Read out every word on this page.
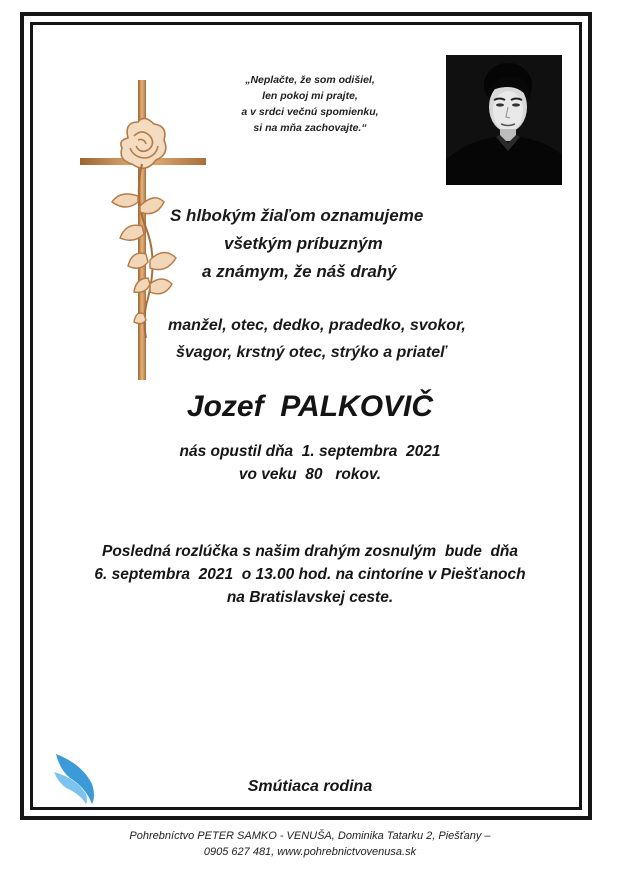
„Neplačte, že som odišiel,
len pokoj mi prajte,
a v srdci večnú spomienku,
si na mňa zachovajte.“
S hlbokým žiaľom oznamujeme
všetkým príbuzným
a známym, že náš drahý
manžel, otec, dedko, pradedko, svokor,
švagor, krstný otec, strýko a priateľ
Jozef  PALKOVIČ
nás opustil dňa  1. septembra  2021
vo veku  80   rokov.
Posledná rozlúčka s našim drahým zosnulým  bude  dňa
6. septembra  2021  o 13.00 hod. na cintoríne v Piešťanoch
na Bratislavskej ceste.
Smútiaca rodina
Pohrebníctvo PETER SAMKO - VENUŠA, Dominika Tatarku 2, Piešťany –
0905 627 481, www.pohrebnictvovenusa.sk
